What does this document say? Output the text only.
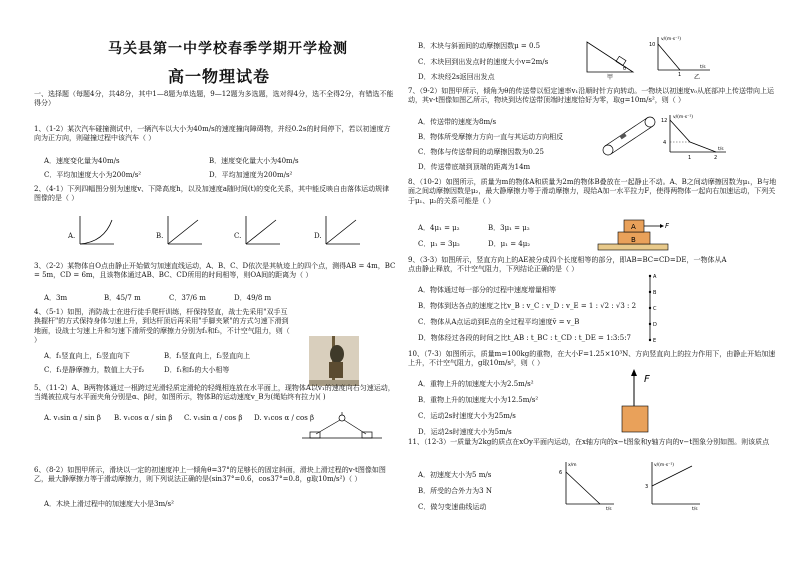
马关县第一中学校春季学期开学检测
高一物理试卷
一、选择题（每题4分，共48分，其中1—8题为单选题，9—12题为多选题，选对得4分，选不全得2分，有错选不能得分）
1、（1-2）某次汽车碰撞测试中，一辆汽车以大小为40m/s的速度撞向障碍物，并经0.2s的时间停下，若以初速度方向为正方向，则碰撞过程中该汽车（ ）
A．速度变化量为40m/s	B．速度变化量大小为40m/s
C．平均加速度大小为200m/s²	D．平均加速度为200m/s²
2、（4-1）下列四幅图分别为速度v、下降高度h，以及加速度a随时间(t)的变化关系，其中能反映自由落体运动规律图像的是（ ）
A.	B.	C.	D.
3、（2-2）某物体自O点由静止开始做匀加速直线运动，A、B、C、D依次是其轨迹上的四个点，测得AB = 4m，BC = 5m，CD = 6m，且该物体通过AB、BC、CD所用的时间相等，则OA间的距离为（ ）
A．3m	B．45/7 m	C．37/6 m	D．49/8 m
4、（5-1）如图，消防战士在进行徒手爬杆训练，杆保持竖直，战士先采用"双手互换握杆"的方式保持身体匀速上升，到达杆顶后再采用"手脚夹紧"的方式匀速下滑到地面，设战士匀速上升和匀速下滑所受的摩擦力分别为f₁和f₂，不计空气阻力，则（ ）
A．f₁竖直向上，f₂竖直向下	B．f₁竖直向上，f₂竖直向上
C．f₁是静摩擦力，数值上大于f₂	D．f₁和f₂的大小相等
5、（11-2）A、B两物体通过一根跨过光滑轻质定滑轮的轻绳相连放在水平面上，现物体A以v₁的速度向右匀速运动，当绳被拉成与水平面夹角分别是α、β时，如图所示，物体B的运动速度v_B为(绳始终有拉力)( )
A. v₁sin α / sin β B. v₁cos α / sin β C. v₁sin α / cos β D. v₁cos α / cos β
6、（8-2）如图甲所示，滑块以一定的初速度冲上一倾角θ=37°的足够长的固定斜面，滑块上滑过程的v-t图像如图乙，最大静摩擦力等于滑动摩擦力，则下列说法正确的是(sin37°=0.6，cos37°=0.8，g取10m/s²)（ ）
A．木块上滑过程中的加速度大小是3m/s²
B．木块与斜面间的动摩擦因数μ = 0.5
C．木块回到出发点时的速度大小v=2m/s
D．木块经2s返回出发点
θ
甲
v/(m·s⁻¹)
t/s
10
1 乙
7、（9-2）如图甲所示，倾角为θ的传送带以恒定速率v₁沿顺时针方向转动。一物块以初速度v₀从底部冲上传送带向上运动，其v-t图像如图乙所示，物块到达传送带顶端时速度恰好为零，取g=10m/s²，则（ ）
A．传送带的速度为8m/s
B．物体所受摩擦力方向一直与其运动方向相反
C．物体与传送带间的动摩擦因数为0.25
D．传送带底端到顶端的距离为14m
v/(m·s⁻¹)
t/s
12
4
1	2
8、（10-2）如图所示，质量为m的物体A和质量为2m的物体B叠放在一起静止不动。A、B之间动摩擦因数为μ₁，B与地面之间动摩擦因数是μ₂，最大静摩擦力等于滑动摩擦力，现给A加一水平拉力F，使得两物体一起向右加速运动，下列关于μ₁、μ₂的关系可能是（ ）
A．4μ₁ = μ₂	B．3μ₁ = μ₂
C．μ₁ = 3μ₂	D．μ₁ = 4μ₂
A
B
F
9、（3-3）如图所示，竖直方向上的AE被分成四个长度相等的部分，即AB=BC=CD=DE，一物体从A点由静止释放，不计空气阻力，下列结论正确的是（ ）
A．物体通过每一部分的过程中速度增量相等
B．物体到达各点的速度之比v_B : v_C : v_D : v_E = 1 : √2 : √3 : 2
C．物体从A点运动到E点的全过程平均速度v̄ = v_B
D．物体经过各段的时间之比t_AB : t_BC : t_CD : t_DE = 1:3:5:7
A
B
C
D
E
10、（7-3）如图所示，质量m=100kg的重物，在大小F=1.25×10³N、方向竖直向上的拉力作用下，由静止开始加速上升，不计空气阻力，g取10m/s²，则（ ）
A．重物上升的加速度大小为2.5m/s²
B．重物上升的加速度大小为12.5m/s²
C．运动2s时速度大小为25m/s
D．运动2s时速度大小为5m/s
F
11、（12-3）一质量为2kg的质点在xOy平面内运动，在x轴方向的x−t图象和y轴方向的v−t图象分别如图。则该质点
A．初速度大小为5 m/s
B．所受的合外力为3 N
C．做匀变速曲线运动
x/m
6
t/s
v/(m·s⁻¹)
3
t/s
